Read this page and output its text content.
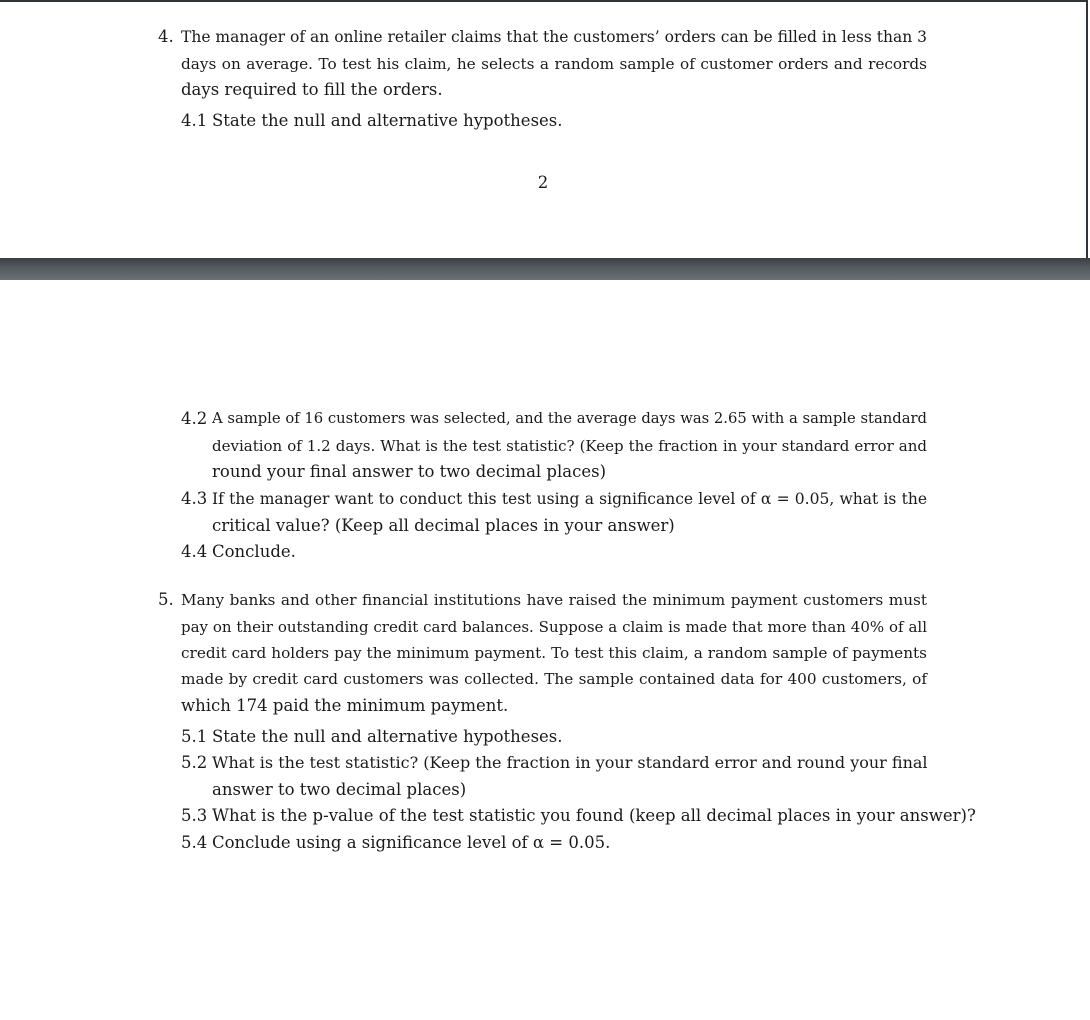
4. The manager of an online retailer claims that the customers’ orders can be filled in less than 3
days on average. To test his claim, he selects a random sample of customer orders and records
days required to fill the orders.
4.1 State the null and alternative hypotheses.
2
4.2 A sample of 16 customers was selected, and the average days was 2.65 with a sample standard
deviation of 1.2 days. What is the test statistic? (Keep the fraction in your standard error and
round your final answer to two decimal places)
4.3 If the manager want to conduct this test using a significance level of α = 0.05, what is the
critical value? (Keep all decimal places in your answer)
4.4 Conclude.
5. Many banks and other financial institutions have raised the minimum payment customers must
pay on their outstanding credit card balances. Suppose a claim is made that more than 40% of all
credit card holders pay the minimum payment. To test this claim, a random sample of payments
made by credit card customers was collected. The sample contained data for 400 customers, of
which 174 paid the minimum payment.
5.1 State the null and alternative hypotheses.
5.2 What is the test statistic? (Keep the fraction in your standard error and round your final
answer to two decimal places)
5.3 What is the p-value of the test statistic you found (keep all decimal places in your answer)?
5.4 Conclude using a significance level of α = 0.05.
